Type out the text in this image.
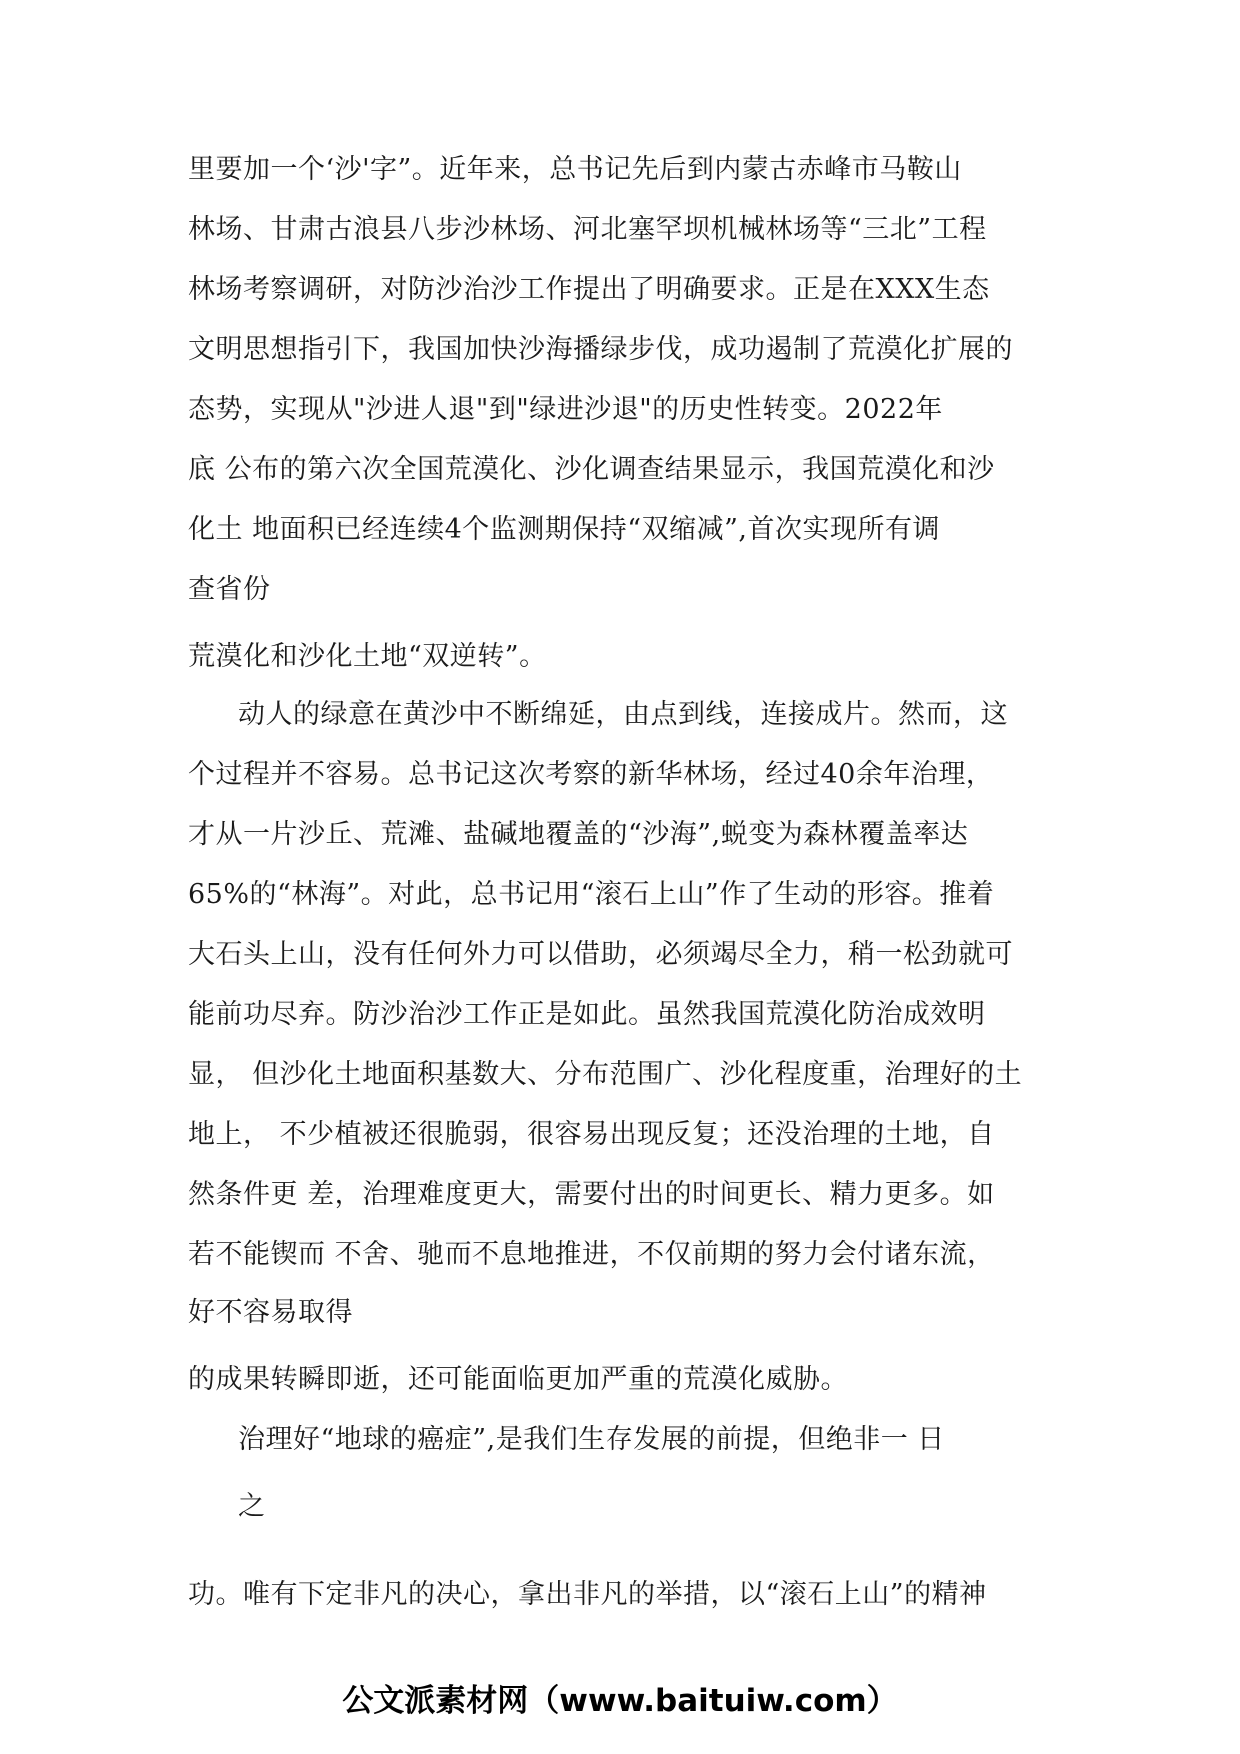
里要加一个‘沙'字”。近年来，总书记先后到内蒙古赤峰市马鞍山
林场、甘肃古浪县八步沙林场、河北塞罕坝机械林场等“三北”工程
林场考察调研，对防沙治沙工作提出了明确要求。正是在XXX生态
文明思想指引下，我国加快沙海播绿步伐，成功遏制了荒漠化扩展的
态势，实现从"沙进人退"到"绿进沙退"的历史性转变。2022年
底 公布的第六次全国荒漠化、沙化调查结果显示，我国荒漠化和沙
化土 地面积已经连续4个监测期保持“双缩减”,首次实现所有调
查省份
荒漠化和沙化土地“双逆转”。
动人的绿意在黄沙中不断绵延，由点到线，连接成片。然而，这
个过程并不容易。总书记这次考察的新华林场，经过40余年治理，
才从一片沙丘、荒滩、盐碱地覆盖的“沙海”,蜕变为森林覆盖率达
65%的“林海”。对此，总书记用“滚石上山”作了生动的形容。推着
大石头上山，没有任何外力可以借助，必须竭尽全力，稍一松劲就可
能前功尽弃。防沙治沙工作正是如此。虽然我国荒漠化防治成效明
显， 但沙化土地面积基数大、分布范围广、沙化程度重，治理好的土
地上， 不少植被还很脆弱，很容易出现反复；还没治理的土地，自
然条件更 差，治理难度更大，需要付出的时间更长、精力更多。如
若不能锲而 不舍、驰而不息地推进，不仅前期的努力会付诸东流，
好不容易取得
的成果转瞬即逝，还可能面临更加严重的荒漠化威胁。
治理好“地球的癌症”,是我们生存发展的前提，但绝非一 日
之
功。唯有下定非凡的决心，拿出非凡的举措，以“滚石上山”的精神
公文派素材网（www.baituiw.com）
